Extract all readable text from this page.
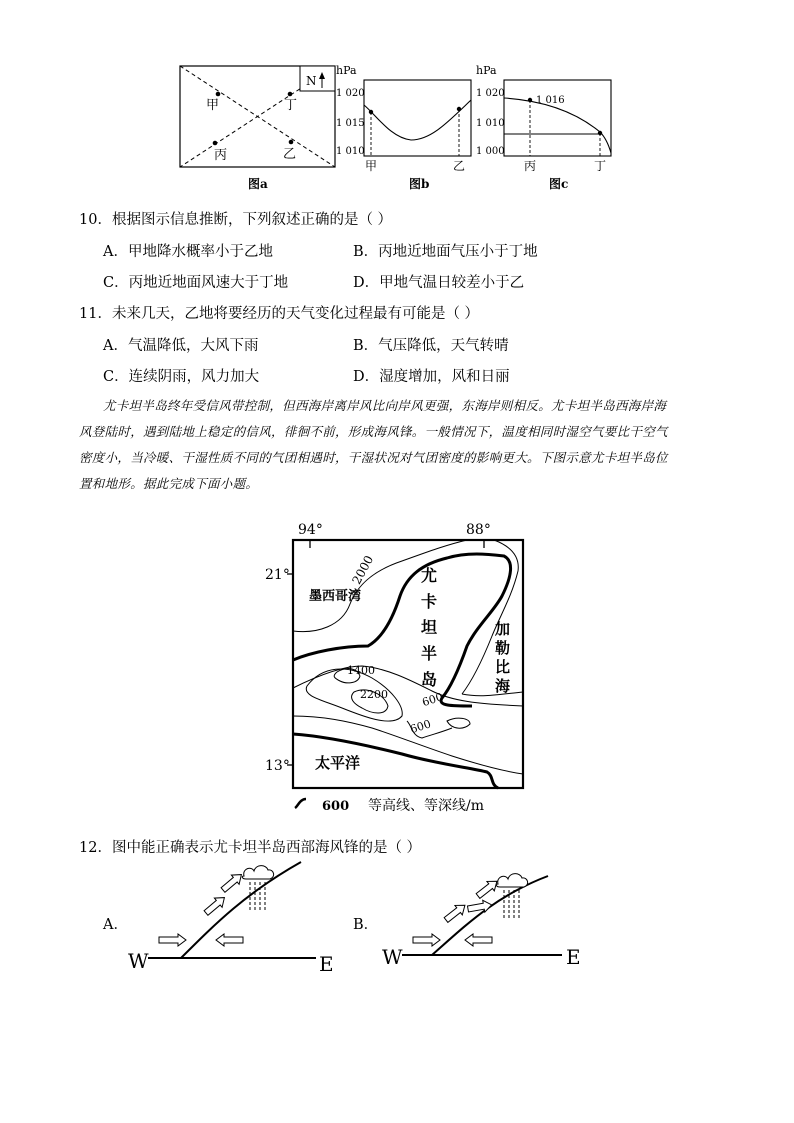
N
甲	丁
丙	乙
图a
hPa
1 020
1 015
1 010
甲	乙
图b
hPa
1 020
1 010
1 000
1 016
丙	丁
图c
10．根据图示信息推断，下列叙述正确的是（ ）
A．甲地降水概率小于乙地	B．丙地近地面气压小于丁地
C．丙地近地面风速大于丁地	D．甲地气温日较差小于乙
11．未来几天，乙地将要经历的天气变化过程最有可能是（ ）
A．气温降低，大风下雨	B．气压降低，天气转晴
C．连续阴雨，风力加大	D．湿度增加，风和日丽
尤卡坦半岛终年受信风带控制，但西海岸离岸风比向岸风更强，东海岸则相反。尤卡坦半岛西海岸海
风登陆时，遇到陆地上稳定的信风，徘徊不前，形成海风锋。一般情况下，温度相同时湿空气要比干空气
密度小，当冷暖、干湿性质不同的气团相遇时，干湿状况对气团密度的影响更大。下图示意尤卡坦半岛位
置和地形。据此完成下面小题。
94°	88°
21°
13°
2000
1400
2200	600
600
墨西哥湾
尤
卡
坦
半
岛
加
勒
比
海
太平洋
600 等高线、等深线/m
12．图中能正确表示尤卡坦半岛西部海风锋的是（ ）
A．
W	E
B．
W	E
